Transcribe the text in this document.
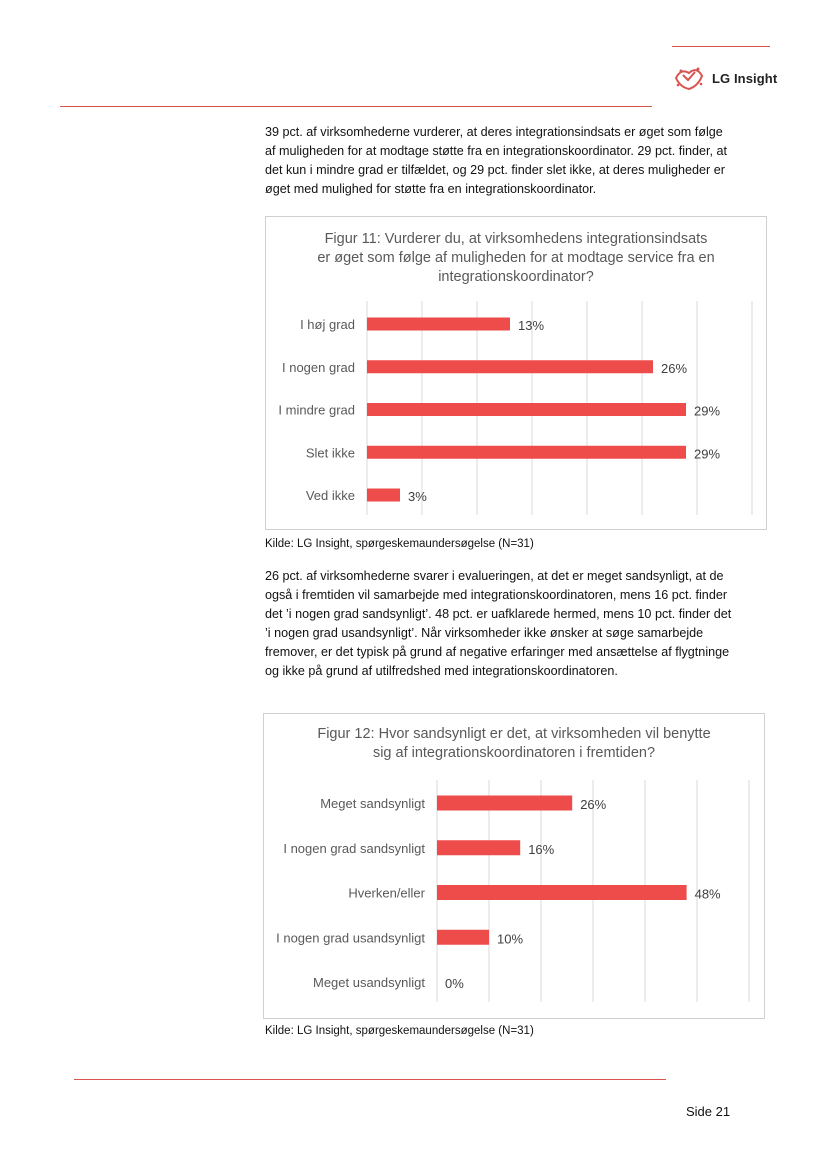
LG Insight

39 pct. af virksomhederne vurderer, at deres integrationsindsats er øget som følge af muligheden for at modtage støtte fra en integrationskoordinator. 29 pct. finder, at det kun i mindre grad er tilfældet, og 29 pct. finder slet ikke, at deres muligheder er øget med mulighed for støtte fra en integrationskoordinator.

Figur 11: Vurderer du, at virksomhedens integrationsindsats
er øget som følge af muligheden for at modtage service fra en
integrationskoordinator?
I høj grad	13%
I nogen grad	26%
I mindre grad	29%
Slet ikke	29%
Ved ikke	3%
Kilde: LG Insight, spørgeskemaundersøgelse (N=31)

26 pct. af virksomhederne svarer i evalueringen, at det er meget sandsynligt, at de også i fremtiden vil samarbejde med integrationskoordinatoren, mens 16 pct. finder det ’i nogen grad sandsynligt’. 48 pct. er uafklarede hermed, mens 10 pct. finder det ’i nogen grad usandsynligt’. Når virksomheder ikke ønsker at søge samarbejde fremover, er det typisk på grund af negative erfaringer med ansættelse af flygtninge og ikke på grund af utilfredshed med integrationskoordinatoren.

Figur 12: Hvor sandsynligt er det, at virksomheden vil benytte
sig af integrationskoordinatoren i fremtiden?
Meget sandsynligt	26%
I nogen grad sandsynligt	16%
Hverken/eller	48%
I nogen grad usandsynligt	10%
Meget usandsynligt 0%
Kilde: LG Insight, spørgeskemaundersøgelse (N=31)
Side 21
